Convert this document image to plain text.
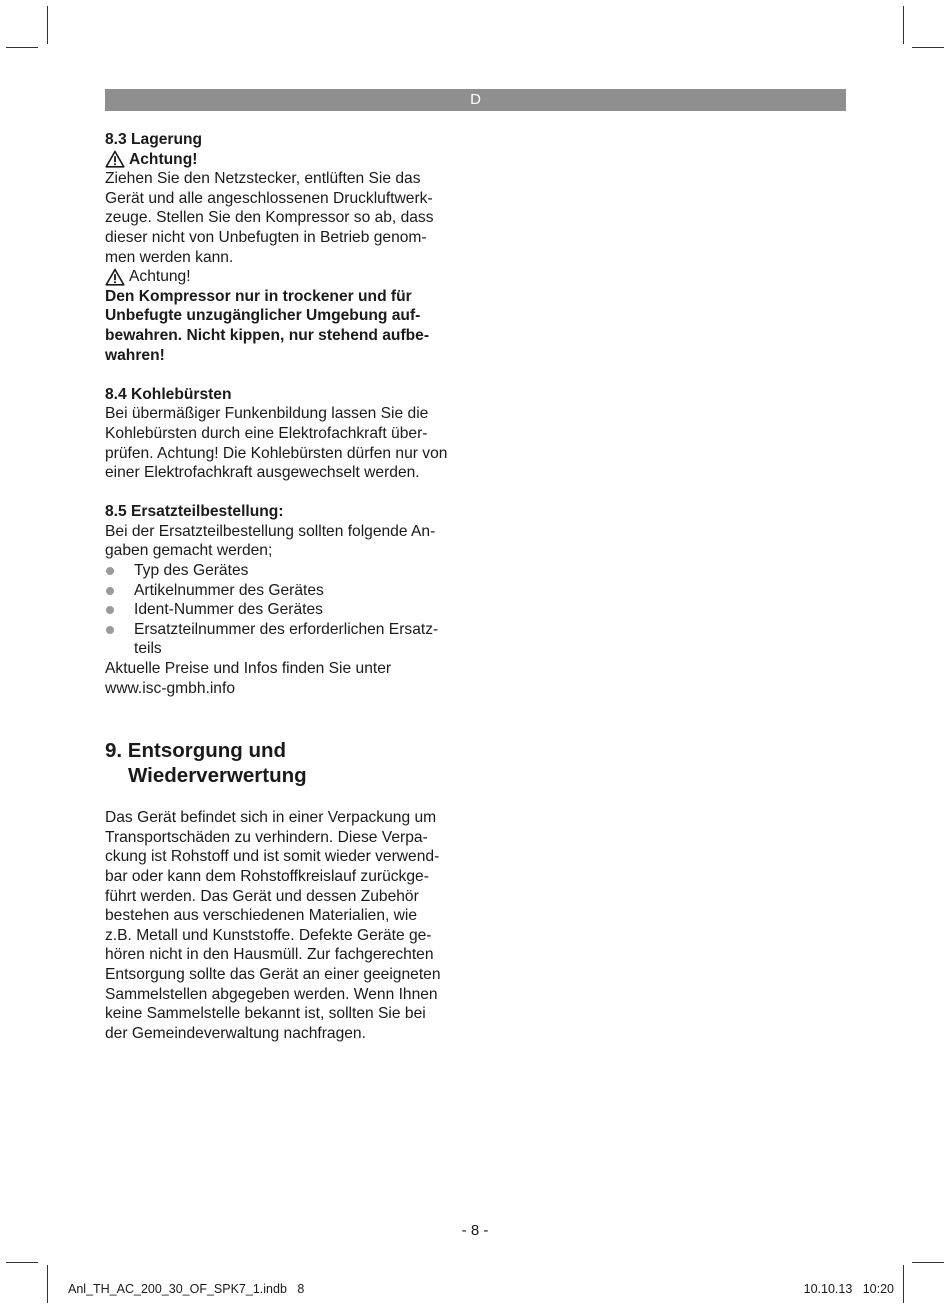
D

8.3 Lagerung

Achtung!

Ziehen Sie den Netzstecker, entlüften Sie das

Gerät und alle angeschlossenen Druckluftwerk-

zeuge. Stellen Sie den Kompressor so ab, dass

dieser nicht von Unbefugten in Betrieb genom-

men werden kann.

Achtung!

Den Kompressor nur in trockener und für

Unbefugte unzugänglicher Umgebung auf-

bewahren. Nicht kippen, nur stehend aufbe-

wahren!

8.4 Kohlebürsten

Bei übermäßiger Funkenbildung lassen Sie die

Kohlebürsten durch eine Elektrofachkraft über-

prüfen. Achtung! Die Kohlebürsten dürfen nur von

einer Elektrofachkraft ausgewechselt werden.

8.5 Ersatzteilbestellung:

Bei der Ersatzteilbestellung sollten folgende An-

gaben gemacht werden;

Typ des Gerätes
Artikelnummer des Gerätes
Ident-Nummer des Gerätes
Ersatzteilnummer des erforderlichen Ersatz-
teils

Aktuelle Preise und Infos finden Sie unter

www.isc-gmbh.info

9. Entsorgung und
Wiederverwertung

Das Gerät befindet sich in einer Verpackung um

Transportschäden zu verhindern. Diese Verpa-

ckung ist Rohstoff und ist somit wieder verwend-

bar oder kann dem Rohstoffkreislauf zurückge-

führt werden. Das Gerät und dessen Zubehör

bestehen aus verschiedenen Materialien, wie

z.B. Metall und Kunststoffe. Defekte Geräte ge-

hören nicht in den Hausmüll. Zur fachgerechten

Entsorgung sollte das Gerät an einer geeigneten

Sammelstellen abgegeben werden. Wenn Ihnen

keine Sammelstelle bekannt ist, sollten Sie bei

der Gemeindeverwaltung nachfragen.

- 8 -
Anl_TH_AC_200_30_OF_SPK7_1.indb   8	10.10.13   10:20
